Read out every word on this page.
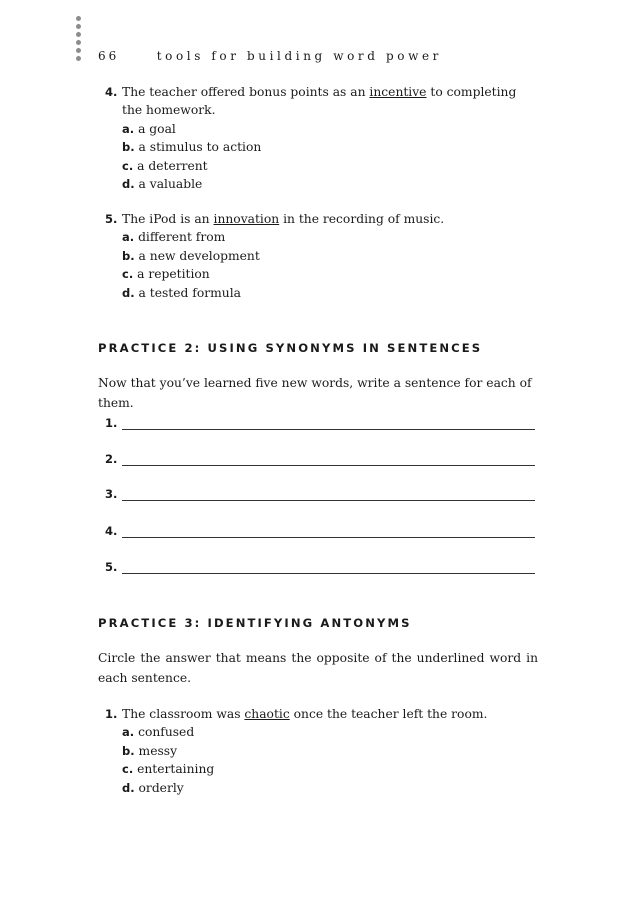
66	tools for building word power
4. The teacher offered bonus points as an incentive to completing the homework.
a. a goal
b. a stimulus to action
c. a deterrent
d. a valuable
5. The iPod is an innovation in the recording of music.
a. different from
b. a new development
c. a repetition
d. a tested formula
PRACTICE 2: USING SYNONYMS IN SENTENCES
Now that you’ve learned five new words, write a sentence for each of them.
1.
2.
3.
4.
5.
PRACTICE 3: IDENTIFYING ANTONYMS
Circle the answer that means the opposite of the underlined word in each sentence.
1. The classroom was chaotic once the teacher left the room.
a. confused
b. messy
c. entertaining
d. orderly
